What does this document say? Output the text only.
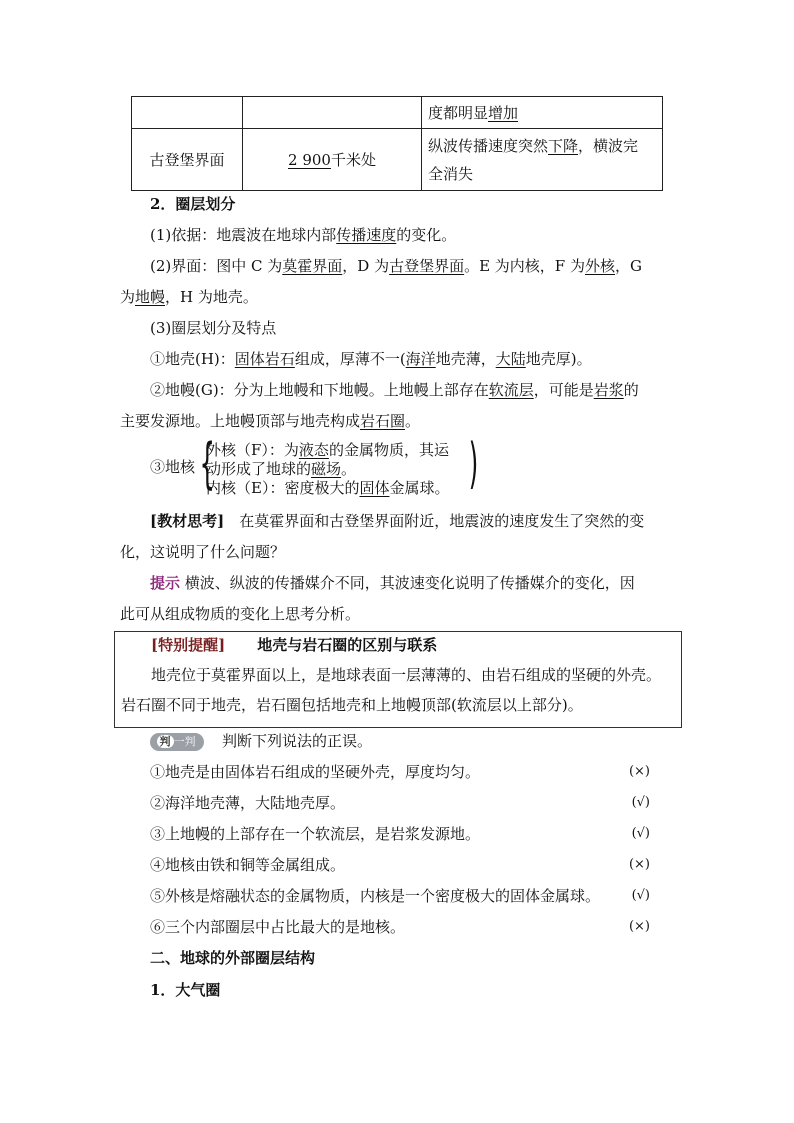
		度都明显增加
古登堡界面	2 900千米处	纵波传播速度突然下降，横波完
全消失
2．圈层划分
(1)依据：地震波在地球内部传播速度的变化。
(2)界面：图中 C 为莫霍界面，D 为古登堡界面。E 为内核，F 为外核，G
为地幔，H 为地壳。
(3)圈层划分及特点
①地壳(H)：固体岩石组成，厚薄不一(海洋地壳薄，大陆地壳厚)。
②地幔(G)：分为上地幔和下地幔。上地幔上部存在软流层，可能是岩浆的
主要发源地。上地幔顶部与地壳构成岩石圈。
③地核 {	)
外核（F）：为液态的金属物质，其运
动形成了地球的磁场。
内核（E）：密度极大的固体金属球。
[教材思考]　在莫霍界面和古登堡界面附近，地震波的速度发生了突然的变
化，这说明了什么问题？
提示 横波、纵波的传播媒介不同，其波速变化说明了传播媒介的变化，因
此可从组成物质的变化上思考分析。
[特别提醒] 地壳与岩石圈的区别与联系
地壳位于莫霍界面以上，是地球表面一层薄薄的、由岩石组成的坚硬的外壳。
岩石圈不同于地壳，岩石圈包括地壳和上地幔顶部(软流层以上部分)。
判 一判 判断下列说法的正误。
①地壳是由固体岩石组成的坚硬外壳，厚度均匀。	(×)
②海洋地壳薄，大陆地壳厚。	(√)
③上地幔的上部存在一个软流层，是岩浆发源地。	(√)
④地核由铁和铜等金属组成。	(×)
⑤外核是熔融状态的金属物质，内核是一个密度极大的固体金属球。 (√)
⑥三个内部圈层中占比最大的是地核。	(×)
二、地球的外部圈层结构
1．大气圈
